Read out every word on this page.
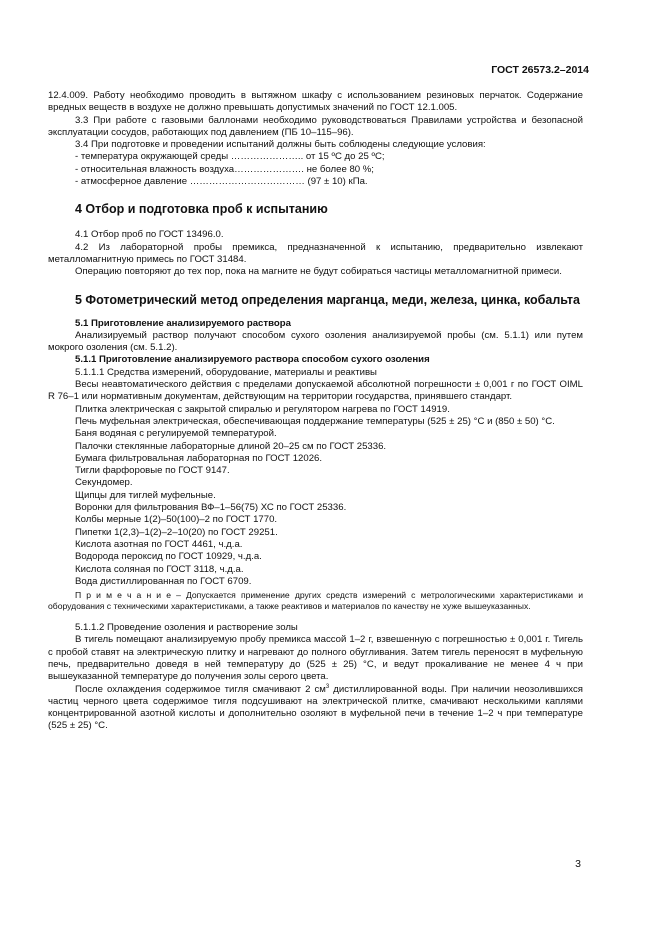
ГОСТ 26573.2–2014

12.4.009. Работу необходимо проводить в вытяжном шкафу с использованием резиновых перчаток. Содержание вредных веществ в воздухе не должно превышать допустимых значений по ГОСТ 12.1.005.

3.3 При работе с газовыми баллонами необходимо руководствоваться Правилами устройства и безопасной эксплуатации сосудов, работающих под давлением (ПБ 10–115–96).

3.4 При подготовке и проведении испытаний должны быть соблюдены следующие условия:

- температура окружающей среды ………………….. от 15 ºС до 25 ºС;

- относительная влажность воздуха…………………. не более 80 %;

- атмосферное давление ……………………………… (97 ± 10) кПа.

4 Отбор и подготовка проб к испытанию

4.1 Отбор проб по ГОСТ 13496.0.

4.2 Из лабораторной пробы премикса, предназначенной к испытанию, предварительно извлекают металломагнитную примесь по ГОСТ 31484.

Операцию повторяют до тех пор, пока на магните не будут собираться частицы металломагнитной примеси.

5 Фотометрический метод определения марганца, меди, железа, цинка, кобальта

5.1 Приготовление анализируемого раствора

Анализируемый раствор получают способом сухого озоления анализируемой пробы (см. 5.1.1) или путем мокрого озоления (см. 5.1.2).

5.1.1 Приготовление анализируемого раствора способом сухого озоления

5.1.1.1 Средства измерений, оборудование, материалы и реактивы

Весы неавтоматического действия с пределами допускаемой абсолютной погрешности ± 0,001 г по ГОСТ OIML R 76–1 или нормативным документам, действующим на территории государства, принявшего стандарт.

Плитка электрическая с закрытой спиралью и регулятором нагрева по ГОСТ 14919.

Печь муфельная электрическая, обеспечивающая поддержание температуры (525 ± 25) °С и (850 ± 50) °С.

Баня водяная с регулируемой температурой.

Палочки стеклянные лабораторные длиной 20–25 см по ГОСТ 25336.

Бумага фильтровальная лабораторная по ГОСТ 12026.

Тигли фарфоровые по ГОСТ 9147.

Секундомер.

Щипцы для тиглей муфельные.

Воронки для фильтрования ВФ–1–56(75) ХС по ГОСТ 25336.

Колбы мерные 1(2)–50(100)–2 по ГОСТ 1770.

Пипетки 1(2,3)–1(2)–2–10(20) по ГОСТ 29251.

Кислота азотная по ГОСТ 4461, ч.д.а.

Водорода пероксид по ГОСТ 10929, ч.д.а.

Кислота соляная по ГОСТ 3118, ч.д.а.

Вода дистиллированная по ГОСТ 6709.

П р и м е ч а н и е – Допускается применение других средств измерений с метрологическими характеристиками и оборудования с техническими характеристиками, а также реактивов и материалов по качеству не хуже вышеуказанных.

5.1.1.2 Проведение озоления и растворение золы

В тигель помещают анализируемую пробу премикса массой 1–2 г, взвешенную с погрешностью ± 0,001 г. Тигель с пробой ставят на электрическую плитку и нагревают до полного обугливания. Затем тигель переносят в муфельную печь, предварительно доведя в ней температуру до (525 ± 25) °С, и ведут прокаливание не менее 4 ч при вышеуказанной температуре до получения золы серого цвета.

После охлаждения содержимое тигля смачивают 2 $см^3$ дистиллированной воды. При наличии неозолившихся частиц черного цвета содержимое тигля подсушивают на электрической плитке, смачивают несколькими каплями концентрированной азотной кислоты и дополнительно озоляют в муфельной печи в течение 1–2 ч при температуре (525 ± 25) °С.

3
